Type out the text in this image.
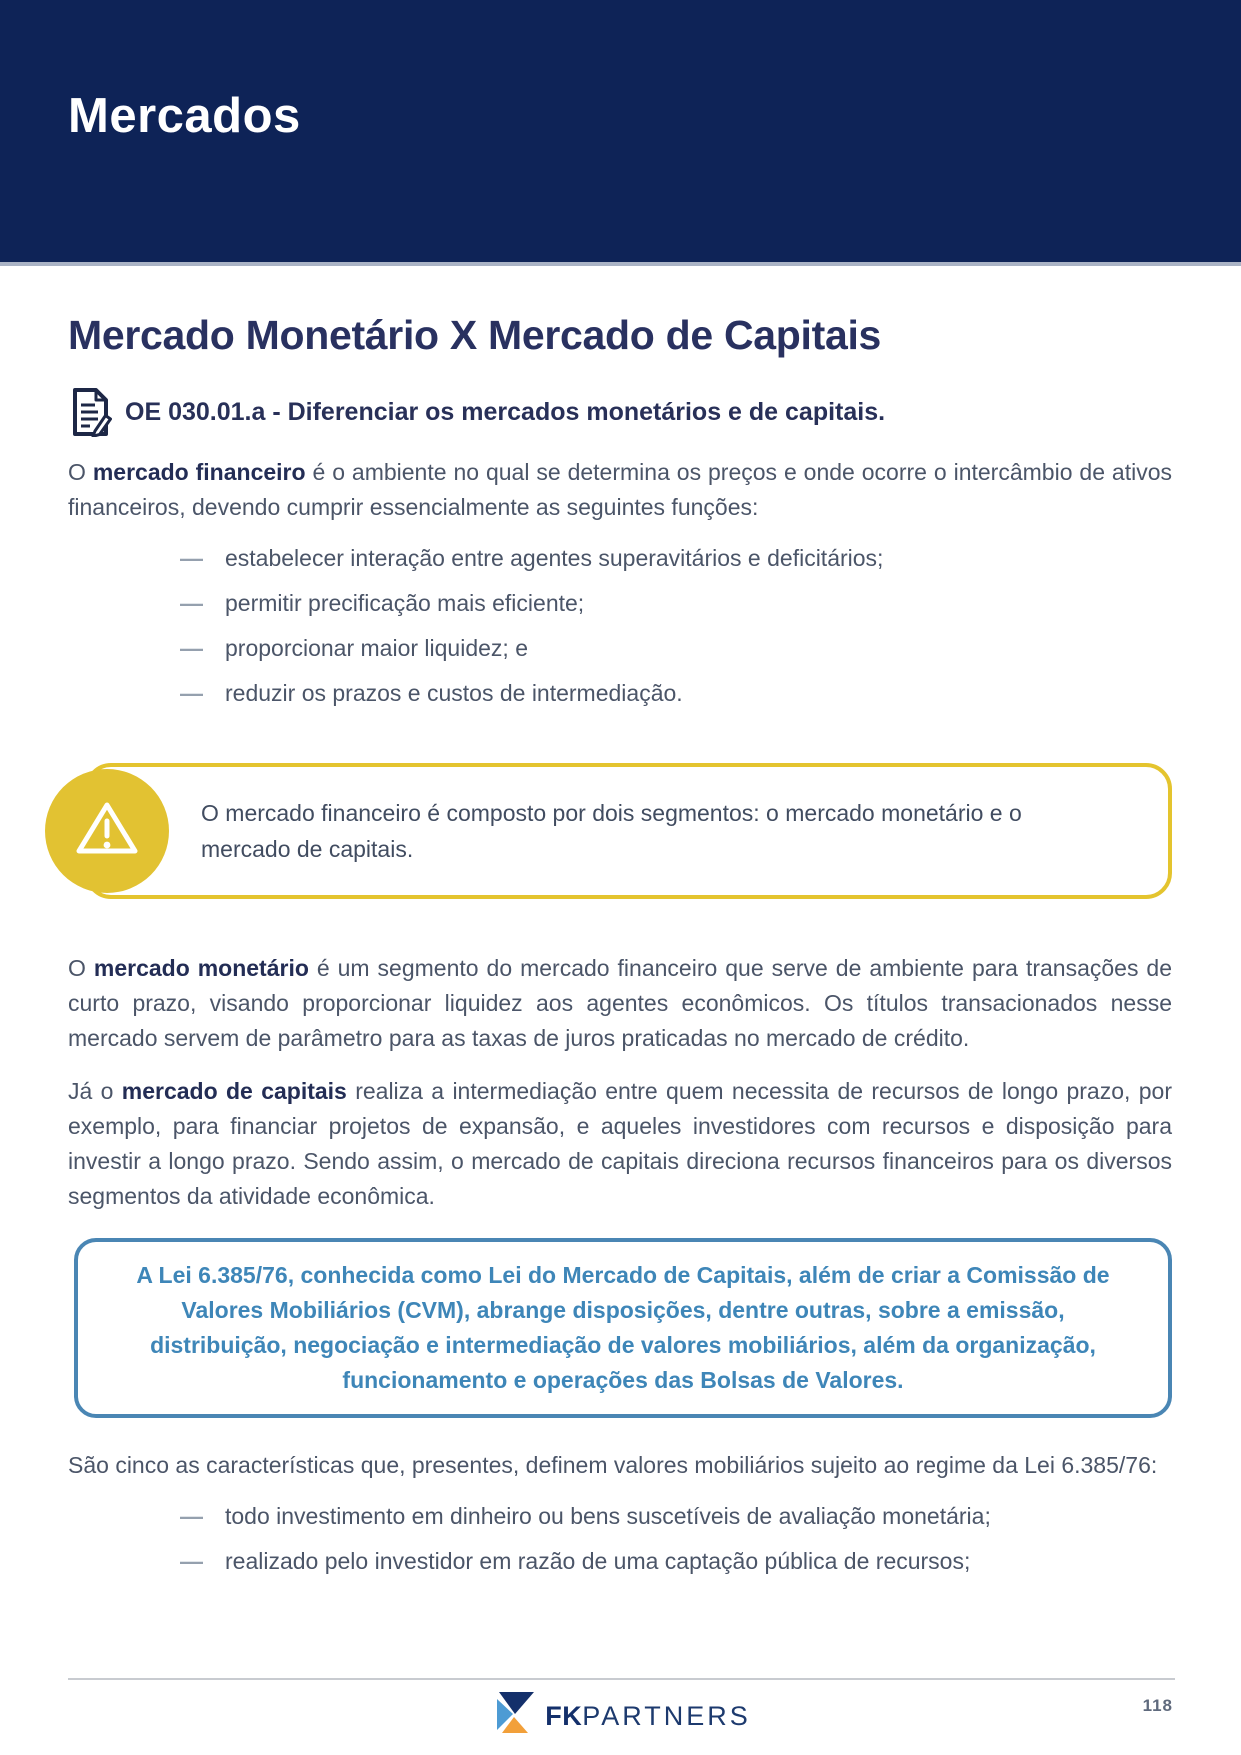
Mercados
Mercado Monetário X Mercado de Capitais
OE 030.01.a - Diferenciar os mercados monetários e de capitais.

O mercado financeiro é o ambiente no qual se determina os preços e onde ocorre o intercâmbio de ativos financeiros, devendo cumprir essencialmente as seguintes funções:

— estabelecer interação entre agentes superavitários e deficitários;
— permitir precificação mais eficiente;
— proporcionar maior liquidez; e
— reduzir os prazos e custos de intermediação.
O mercado financeiro é composto por dois segmentos: o mercado monetário e o mercado de capitais.

O mercado monetário é um segmento do mercado financeiro que serve de ambiente para transações de curto prazo, visando proporcionar liquidez aos agentes econômicos. Os títulos transacionados nesse mercado servem de parâmetro para as taxas de juros praticadas no mercado de crédito.

Já o mercado de capitais realiza a intermediação entre quem necessita de recursos de longo prazo, por exemplo, para financiar projetos de expansão, e aqueles investidores com recursos e disposição para investir a longo prazo. Sendo assim, o mercado de capitais direciona recursos financeiros para os diversos segmentos da atividade econômica.

A Lei 6.385/76, conhecida como Lei do Mercado de Capitais, além de criar a Comissão de Valores Mobiliários (CVM), abrange disposições, dentre outras, sobre a emissão, distribuição, negociação e intermediação de valores mobiliários, além da organização, funcionamento e operações das Bolsas de Valores.

São cinco as características que, presentes, definem valores mobiliários sujeito ao regime da Lei 6.385/76:

— todo investimento em dinheiro ou bens suscetíveis de avaliação monetária;
— realizado pelo investidor em razão de uma captação pública de recursos;
FKPARTNERS	118
